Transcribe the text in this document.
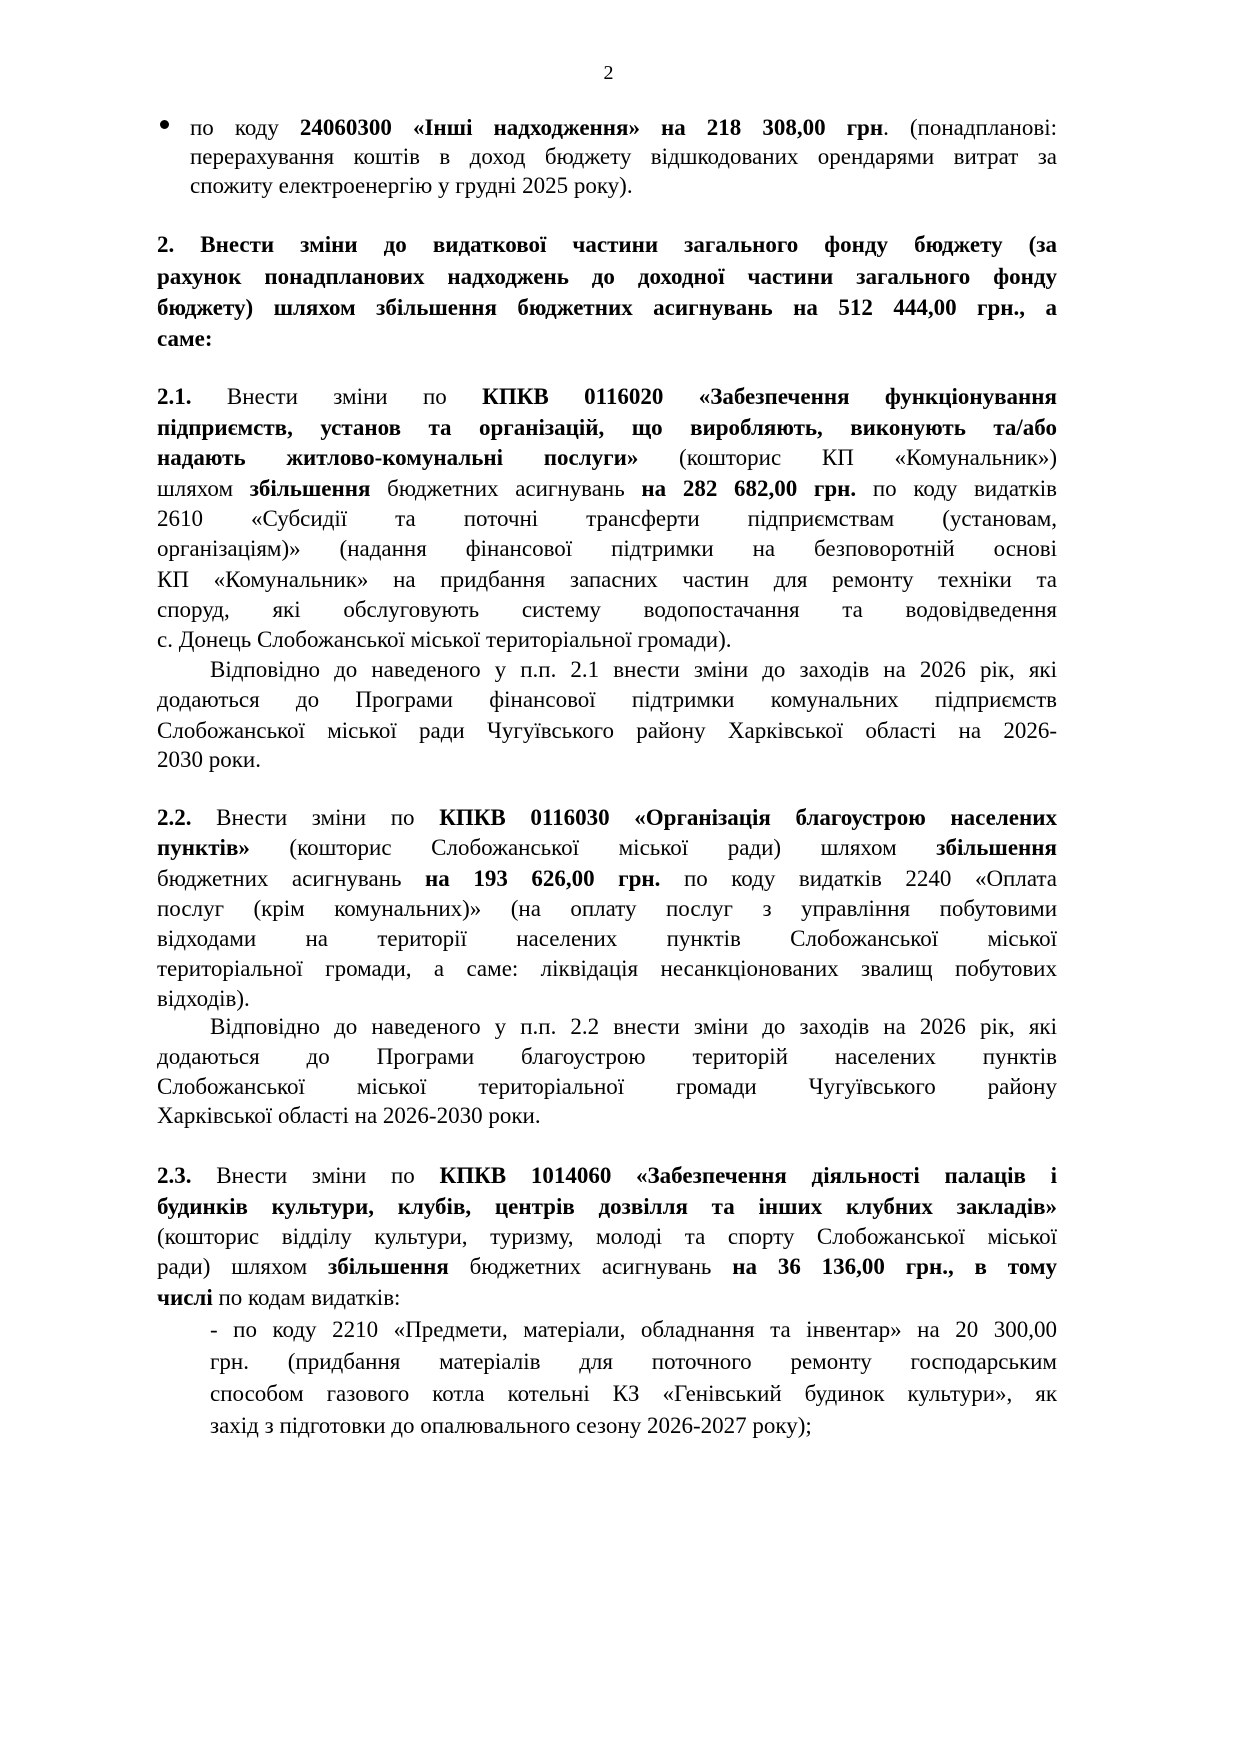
2
по коду 24060300 «Інші надходження» на 218 308,00 грн. (понадпланові:
перерахування коштів в доход бюджету відшкодованих орендарями витрат за
спожиту електроенергію у грудні 2025 року).
2. Внести зміни до видаткової частини загального фонду бюджету (за
рахунок понадпланових надходжень до доходної частини загального фонду
бюджету) шляхом збільшення бюджетних асигнувань на 512 444,00 грн., а
саме:
2.1. Внести зміни по КПКВ 0116020 «Забезпечення функціонування
підприємств, установ та організацій, що виробляють, виконують та/або
надають житлово-комунальні послуги» (кошторис КП «Комунальник»)
шляхом збільшення бюджетних асигнувань на 282 682,00 грн. по коду видатків
2610 «Субсидії та поточні трансферти підприємствам (установам,
організаціям)» (надання фінансової підтримки на безповоротній основі
КП «Комунальник» на придбання запасних частин для ремонту техніки та
споруд, які обслуговують систему водопостачання та водовідведення
с. Донець Слобожанської міської територіальної громади).
Відповідно до наведеного у п.п. 2.1 внести зміни до заходів на 2026 рік, які
додаються до Програми фінансової підтримки комунальних підприємств
Слобожанської міської ради Чугуївського району Харківської області на 2026-
2030 роки.
2.2. Внести зміни по КПКВ 0116030 «Організація благоустрою населених
пунктів» (кошторис Слобожанської міської ради) шляхом збільшення
бюджетних асигнувань на 193 626,00 грн. по коду видатків 2240 «Оплата
послуг (крім комунальних)» (на оплату послуг з управління побутовими
відходами на території населених пунктів Слобожанської міської
територіальної громади, а саме: ліквідація несанкціонованих звалищ побутових
відходів).
Відповідно до наведеного у п.п. 2.2 внести зміни до заходів на 2026 рік, які
додаються до Програми благоустрою територій населених пунктів
Слобожанської міської територіальної громади Чугуївського району
Харківської області на 2026-2030 роки.
2.3. Внести зміни по КПКВ 1014060 «Забезпечення діяльності палаців і
будинків культури, клубів, центрів дозвілля та інших клубних закладів»
(кошторис відділу культури, туризму, молоді та спорту Слобожанської міської
ради) шляхом збільшення бюджетних асигнувань на 36 136,00 грн., в тому
числі по кодам видатків:
- по коду 2210 «Предмети, матеріали, обладнання та інвентар» на 20 300,00
грн. (придбання матеріалів для поточного ремонту господарським
способом газового котла котельні КЗ «Генівський будинок культури», як
захід з підготовки до опалювального сезону 2026-2027 року);
